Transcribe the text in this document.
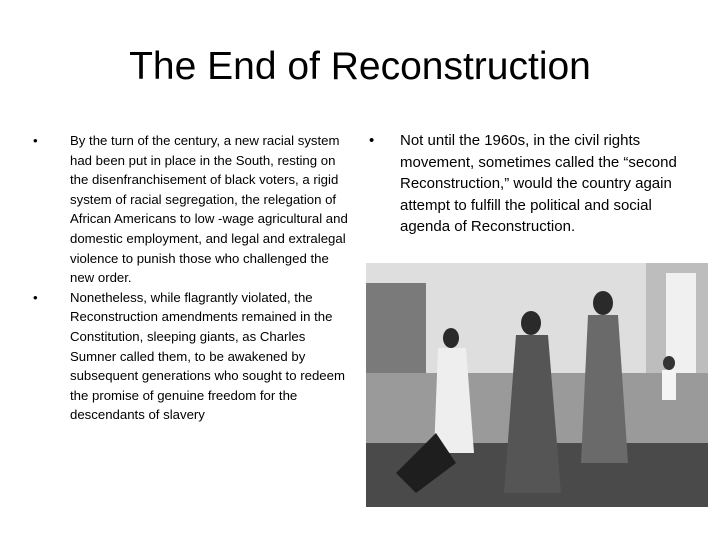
The End of Reconstruction
• By the turn of the century, a new racial system had been put in place in the South, resting on the disenfranchisement of black voters, a rigid system of racial segregation, the relegation of African Americans to low -wage agricultural and domestic employment, and legal and extralegal violence to punish those who challenged the new order.
• Nonetheless, while flagrantly violated, the Reconstruction amendments remained in the Constitution, sleeping giants, as Charles Sumner called them, to be awakened by subsequent generations who sought to redeem the promise of genuine freedom for the descendants of slavery
• Not until the 1960s, in the civil rights movement, sometimes called the “second Reconstruction,” would the country again attempt to fulfill the political and social agenda of Reconstruction.
